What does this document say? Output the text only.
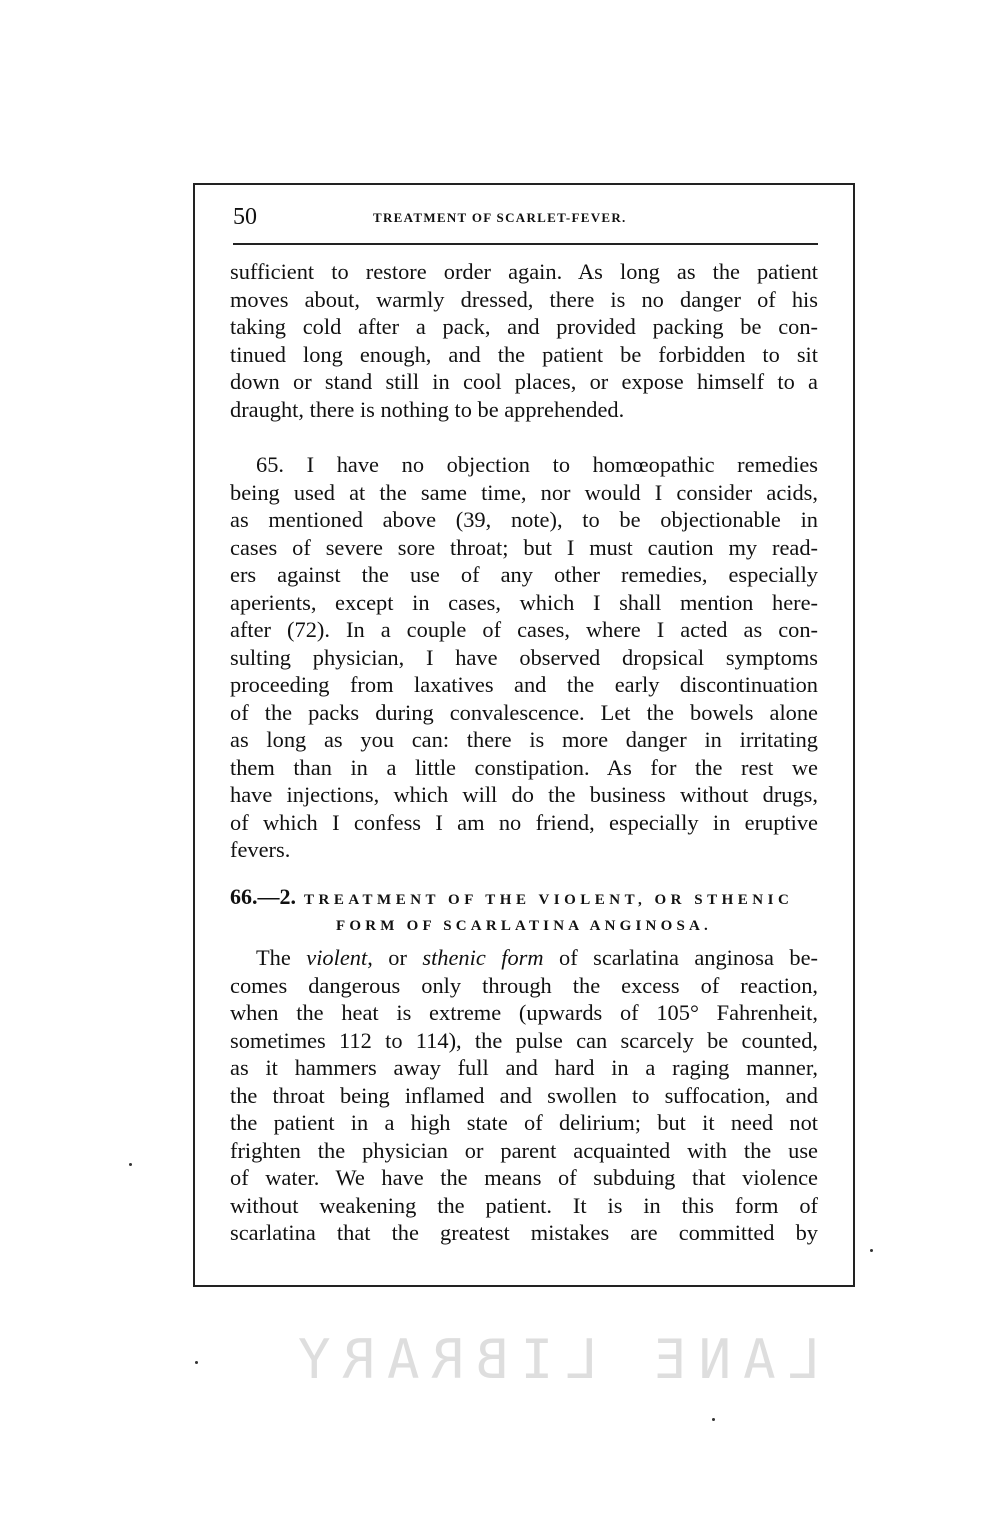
50	TREATMENT OF SCARLET-FEVER.
sufficient to restore order again. As long as the patient
moves about, warmly dressed, there is no danger of his
taking cold after a pack, and provided packing be con-
tinued long enough, and the patient be forbidden to sit
down or stand still in cool places, or expose himself to a
draught, there is nothing to be apprehended.
65. I have no objection to homœopathic remedies
being used at the same time, nor would I consider acids,
as mentioned above (39, note), to be objectionable in
cases of severe sore throat; but I must caution my read-
ers against the use of any other remedies, especially
aperients, except in cases, which I shall mention here-
after (72). In a couple of cases, where I acted as con-
sulting physician, I have observed dropsical symptoms
proceeding from laxatives and the early discontinuation
of the packs during convalescence. Let the bowels alone
as long as you can: there is more danger in irritating
them than in a little constipation. As for the rest we
have injections, which will do the business without drugs,
of which I confess I am no friend, especially in eruptive
fevers.
66.—2. TREATMENT OF THE VIOLENT, OR STHENIC
FORM OF SCARLATINA ANGINOSA.
The violent, or sthenic form of scarlatina anginosa be-
comes dangerous only through the excess of reaction,
when the heat is extreme (upwards of 105° Fahrenheit,
sometimes 112 to 114), the pulse can scarcely be counted,
as it hammers away full and hard in a raging manner,
the throat being inflamed and swollen to suffocation, and
the patient in a high state of delirium; but it need not
frighten the physician or parent acquainted with the use
of water. We have the means of subduing that violence
without weakening the patient. It is in this form of
scarlatina that the greatest mistakes are committed by
LANE LIBRARY
